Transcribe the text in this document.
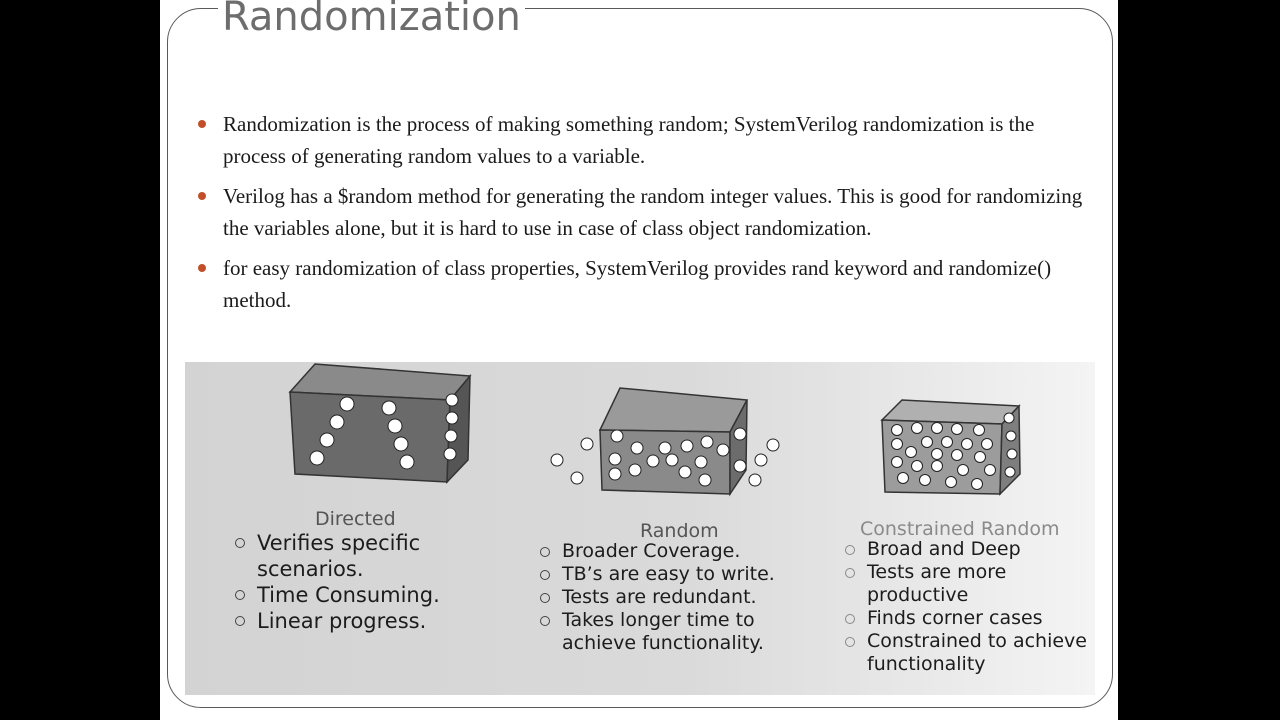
Randomization
Randomization is the process of making something random; SystemVerilog randomization is the process of generating random values to a variable.
Verilog has a $random method for generating the random integer values. This is good for randomizing the variables alone, but it is hard to use in case of class object randomization.
for easy randomization of class properties, SystemVerilog provides rand keyword and randomize() method.
Directed
Verifies specific scenarios.
Time Consuming.
Linear progress.
Random
Broader Coverage.
TB’s are easy to write.
Tests are redundant.
Takes longer time to achieve functionality.
Constrained Random
Broad and Deep
Tests are more productive
Finds corner cases
Constrained to achieve functionality
